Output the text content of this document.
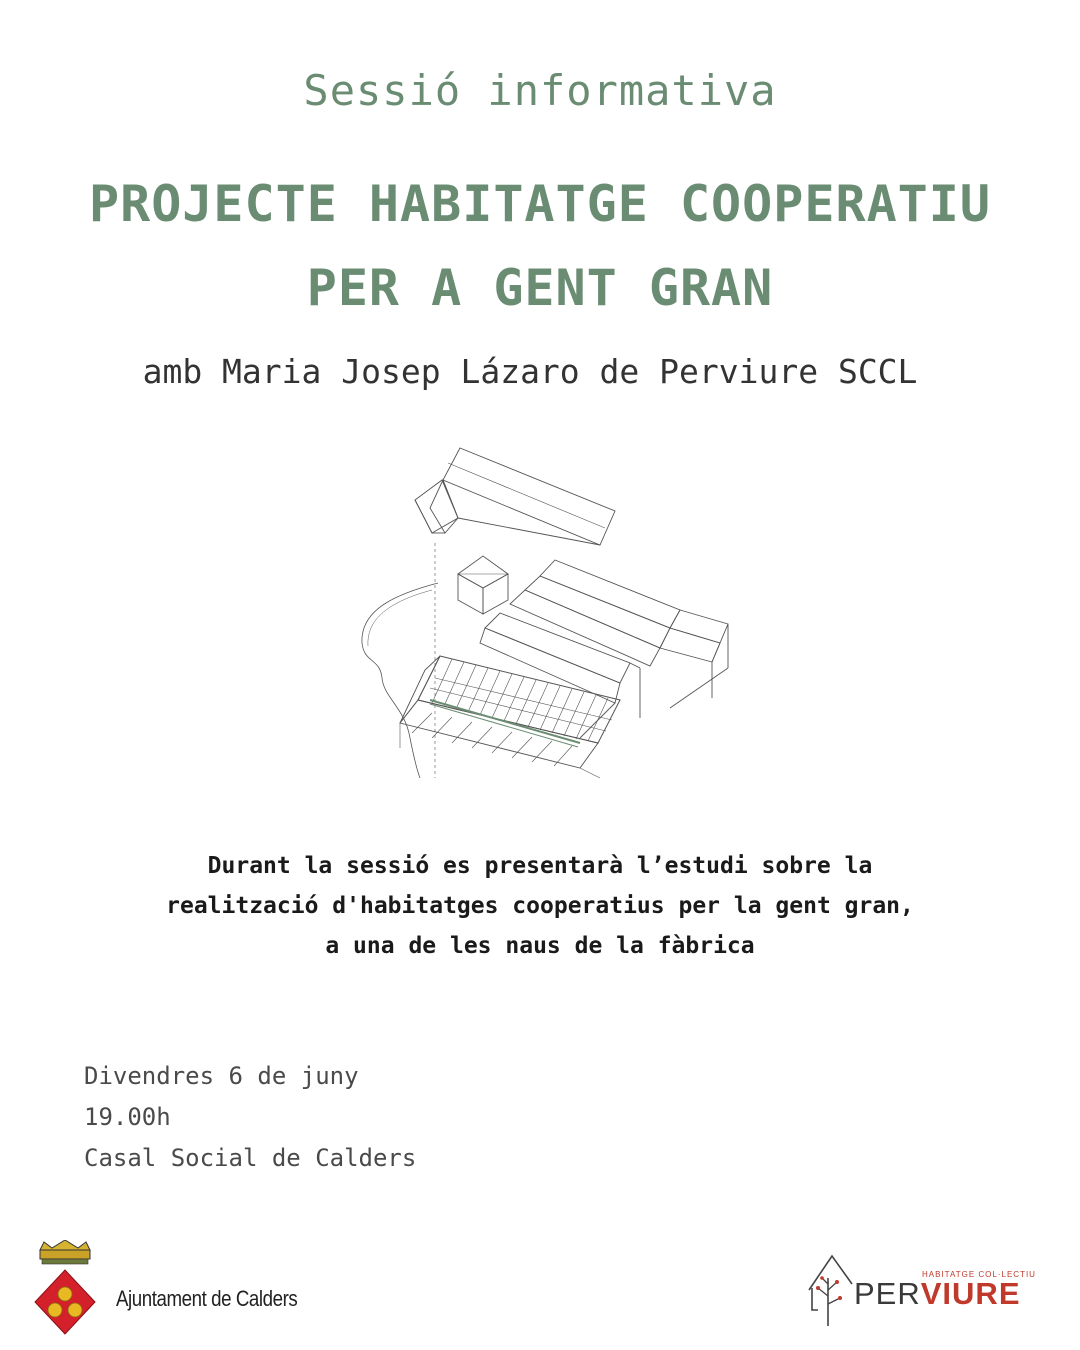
Sessió informativa
PROJECTE HABITATGE COOPERATIU
PER A GENT GRAN
amb Maria Josep Lázaro de Perviure SCCL
Durant la sessió es presentarà l’estudi sobre la
realització d'habitatges cooperatius per la gent gran,
a una de les naus de la fàbrica
Divendres 6 de juny
19.00h
Casal Social de Calders
Ajuntament de Calders
HABITATGE COL·LECTIU
PERVIURE
